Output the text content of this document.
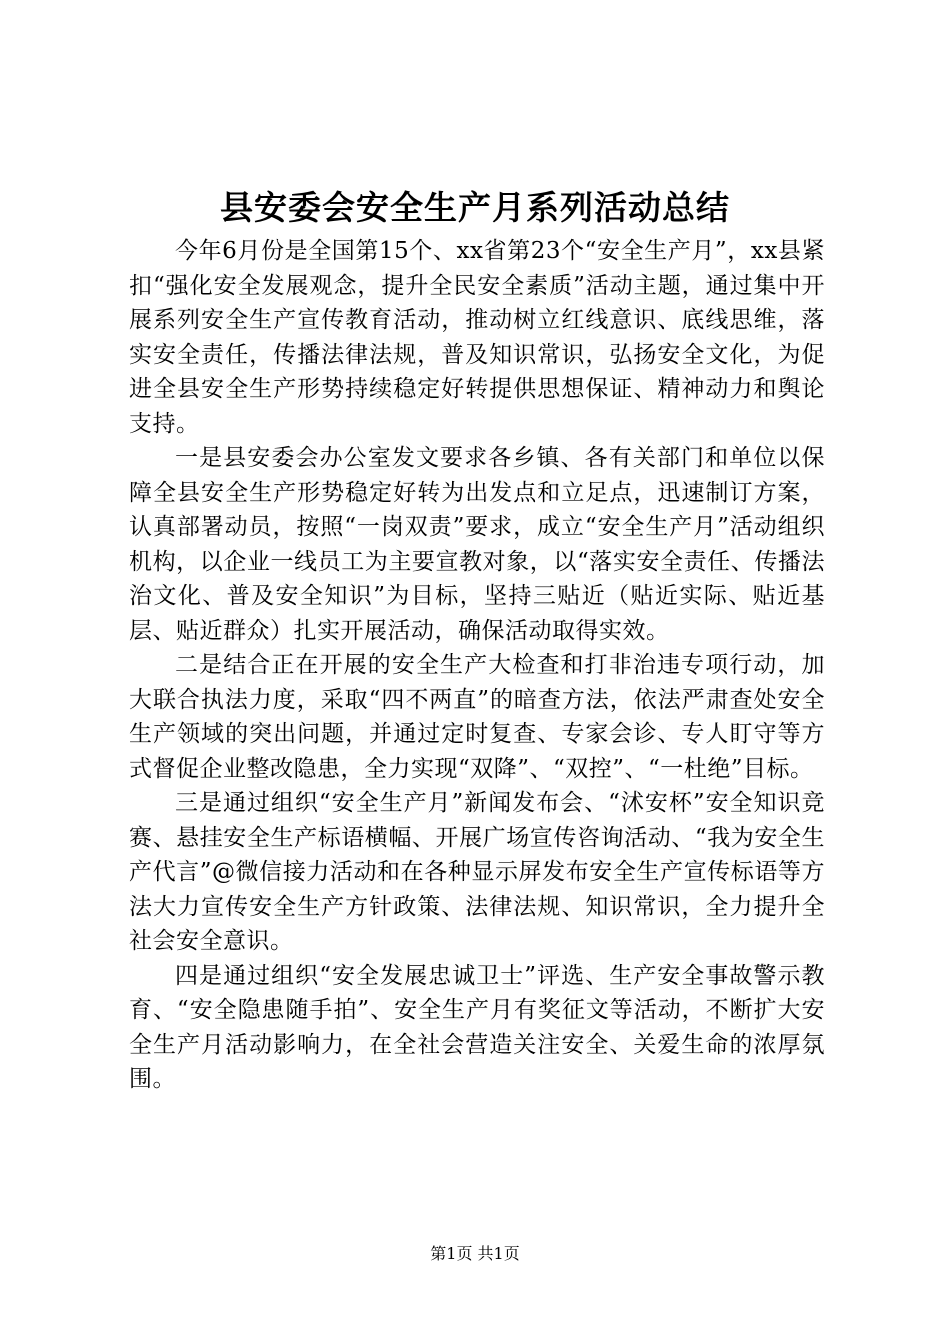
县安委会安全生产月系列活动总结

今年6月份是全国第15个、xx省第23个“安全生产月”，xx县紧扣“强化安全发展观念，提升全民安全素质”活动主题，通过集中开展系列安全生产宣传教育活动，推动树立红线意识、底线思维，落实安全责任，传播法律法规，普及知识常识，弘扬安全文化，为促进全县安全生产形势持续稳定好转提供思想保证、精神动力和舆论支持。

一是县安委会办公室发文要求各乡镇、各有关部门和单位以保障全县安全生产形势稳定好转为出发点和立足点，迅速制订方案，认真部署动员，按照“一岗双责”要求，成立“安全生产月”活动组织机构，以企业一线员工为主要宣教对象，以“落实安全责任、传播法治文化、普及安全知识”为目标，坚持三贴近（贴近实际、贴近基层、贴近群众）扎实开展活动，确保活动取得实效。

二是结合正在开展的安全生产大检查和打非治违专项行动，加大联合执法力度，采取“四不两直”的暗查方法，依法严肃查处安全生产领域的突出问题，并通过定时复查、专家会诊、专人盯守等方式督促企业整改隐患，全力实现“双降”、“双控”、“一杜绝”目标。

三是通过组织“安全生产月”新闻发布会、“沭安杯”安全知识竞赛、悬挂安全生产标语横幅、开展广场宣传咨询活动、“我为安全生产代言”@微信接力活动和在各种显示屏发布安全生产宣传标语等方法大力宣传安全生产方针政策、法律法规、知识常识，全力提升全社会安全意识。

四是通过组织“安全发展忠诚卫士”评选、生产安全事故警示教育、“安全隐患随手拍”、安全生产月有奖征文等活动，不断扩大安全生产月活动影响力，在全社会营造关注安全、关爱生命的浓厚氛围。

第1页 共1页
